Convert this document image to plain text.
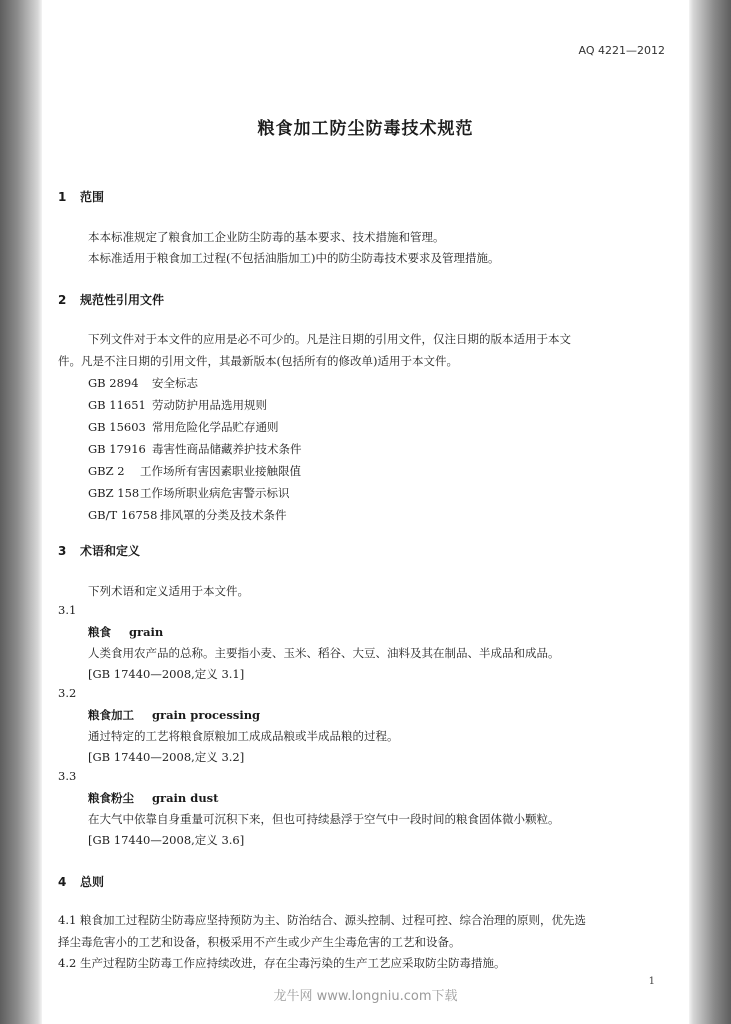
AQ 4221—2012
粮食加工防尘防毒技术规范
1 范围
本本标准规定了粮食加工企业防尘防毒的基本要求、技术措施和管理。
本标准适用于粮食加工过程(不包括油脂加工)中的防尘防毒技术要求及管理措施。
2 规范性引用文件
下列文件对于本文件的应用是必不可少的。凡是注日期的引用文件，仅注日期的版本适用于本文
件。凡是不注日期的引用文件，其最新版本(包括所有的修改单)适用于本文件。
GB 2894 安全标志
GB 11651 劳动防护用品选用规则
GB 15603 常用危险化学品贮存通则
GB 17916 毒害性商品储藏养护技术条件
GBZ 2 工作场所有害因素职业接触限值
GBZ 158工作场所职业病危害警示标识
GB/T 16758 排风罩的分类及技术条件
3 术语和定义
下列术语和定义适用于本文件。
3.1
粮食 grain
人类食用农产品的总称。主要指小麦、玉米、稻谷、大豆、油料及其在制品、半成品和成品。
[GB 17440—2008,定义 3.1]
3.2
粮食加工 grain processing
通过特定的工艺将粮食原粮加工成成品粮或半成品粮的过程。
[GB 17440—2008,定义 3.2]
3.3
粮食粉尘 grain dust
在大气中依靠自身重量可沉积下来，但也可持续悬浮于空气中一段时间的粮食固体微小颗粒。
[GB 17440—2008,定义 3.6]
4 总则
4.1 粮食加工过程防尘防毒应坚持预防为主、防治结合、源头控制、过程可控、综合治理的原则，优先选
择尘毒危害小的工艺和设备，积极采用不产生或少产生尘毒危害的工艺和设备。
4.2 生产过程防尘防毒工作应持续改进，存在尘毒污染的生产工艺应采取防尘防毒措施。
1
龙牛网 www.longniu.com下载
